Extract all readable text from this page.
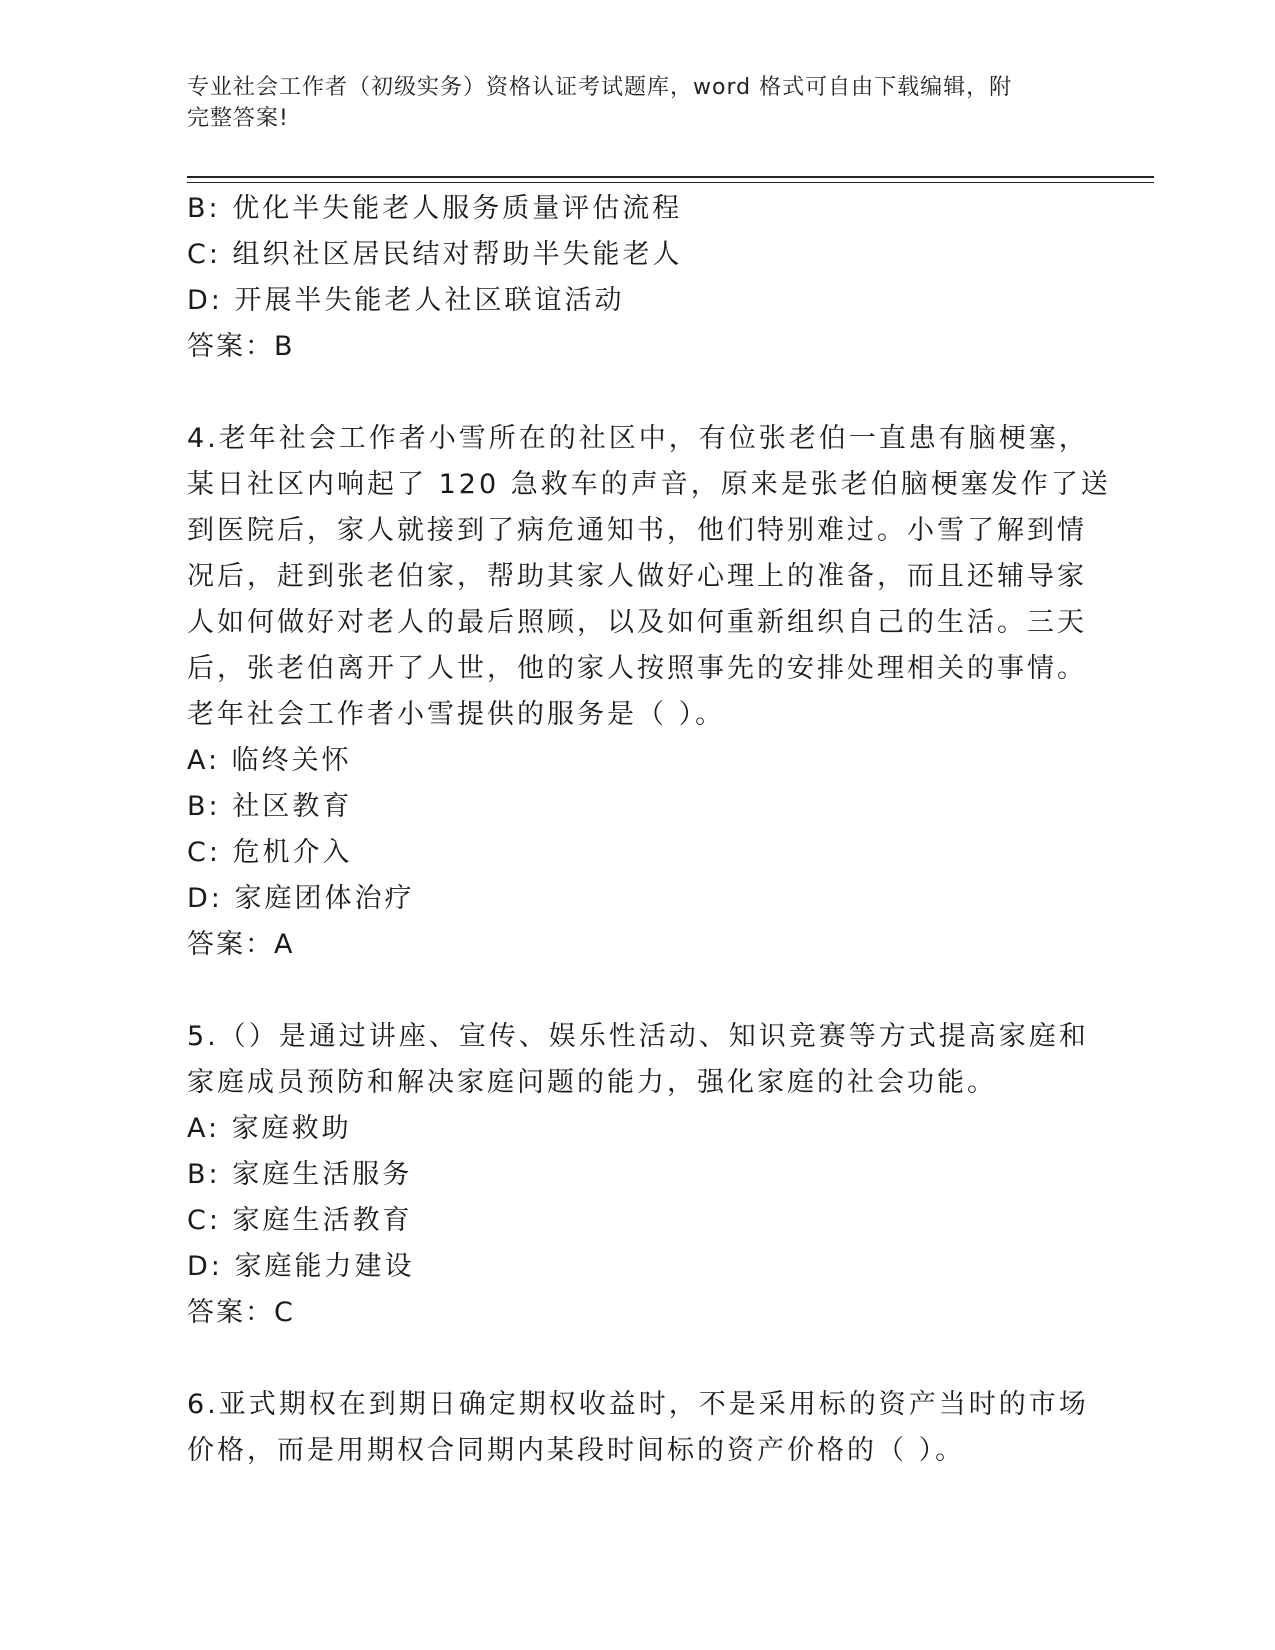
专业社会工作者（初级实务）资格认证考试题库，word 格式可自由下载编辑，附
完整答案!
B: 优化半失能老人服务质量评估流程
C: 组织社区居民结对帮助半失能老人
D: 开展半失能老人社区联谊活动
答案：B
4.老年社会工作者小雪所在的社区中，有位张老伯一直患有脑梗塞，
某日社区内响起了 120 急救车的声音，原来是张老伯脑梗塞发作了送
到医院后，家人就接到了病危通知书，他们特别难过。小雪了解到情
况后，赶到张老伯家，帮助其家人做好心理上的准备，而且还辅导家
人如何做好对老人的最后照顾，以及如何重新组织自己的生活。三天
后，张老伯离开了人世，他的家人按照事先的安排处理相关的事情。
老年社会工作者小雪提供的服务是（ ）。
A: 临终关怀
B: 社区教育
C: 危机介入
D: 家庭团体治疗
答案：A
5.（）是通过讲座、宣传、娱乐性活动、知识竞赛等方式提高家庭和
家庭成员预防和解决家庭问题的能力，强化家庭的社会功能。
A: 家庭救助
B: 家庭生活服务
C: 家庭生活教育
D: 家庭能力建设
答案：C
6.亚式期权在到期日确定期权收益时，不是采用标的资产当时的市场
价格，而是用期权合同期内某段时间标的资产价格的（ ）。
